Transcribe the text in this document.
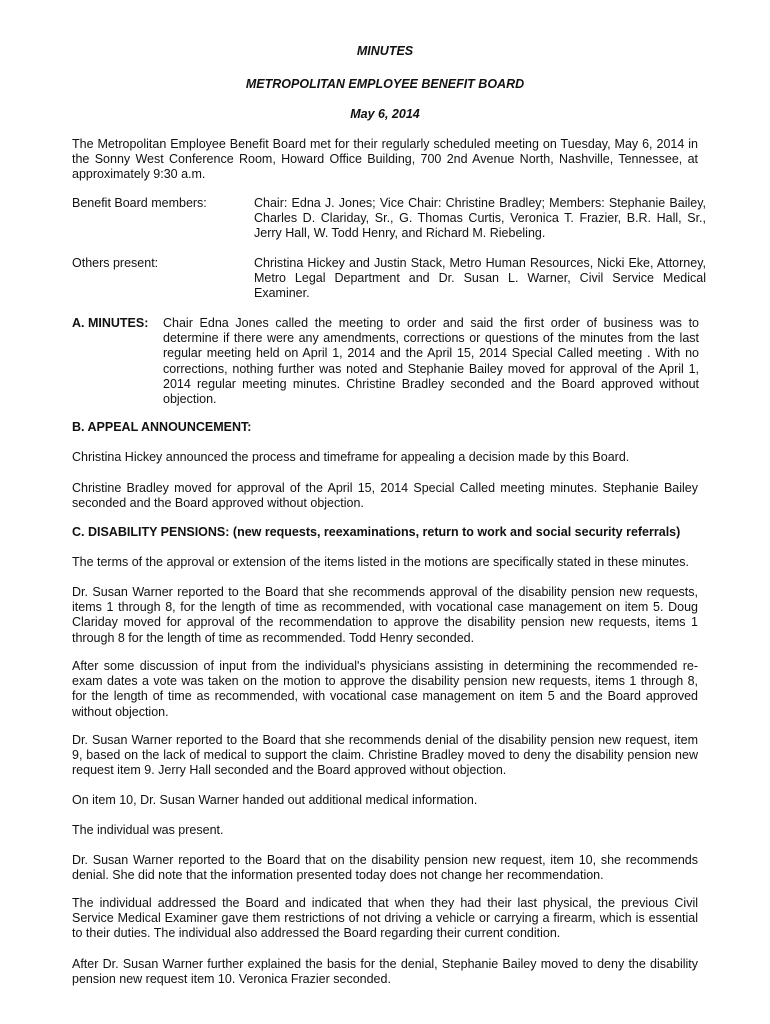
MINUTES
METROPOLITAN EMPLOYEE BENEFIT BOARD
May 6, 2014

The Metropolitan Employee Benefit Board met for their regularly scheduled meeting on Tuesday, May 6, 2014 in the Sonny West Conference Room, Howard Office Building, 700 2nd Avenue North, Nashville, Tennessee, at approximately 9:30 a.m.

Benefit Board members:	Chair: Edna J. Jones; Vice Chair: Christine Bradley; Members: Stephanie Bailey, Charles D. Clariday, Sr., G. Thomas Curtis, Veronica T. Frazier, B.R. Hall, Sr., Jerry Hall, W. Todd Henry, and Richard M. Riebeling.
Others present:	Christina Hickey and Justin Stack, Metro Human Resources, Nicki Eke, Attorney, Metro Legal Department and Dr. Susan L. Warner, Civil Service Medical Examiner.
A. MINUTES: Chair Edna Jones called the meeting to order and said the first order of business was to determine if there were any amendments, corrections or questions of the minutes from the last regular meeting held on April 1, 2014 and the April 15, 2014 Special Called meeting . With no corrections, nothing further was noted and Stephanie Bailey moved for approval of the April 1, 2014 regular meeting minutes. Christine Bradley seconded and the Board approved without objection.
B. APPEAL ANNOUNCEMENT:

Christina Hickey announced the process and timeframe for appealing a decision made by this Board.

Christine Bradley moved for approval of the April 15, 2014 Special Called meeting minutes. Stephanie Bailey seconded and the Board approved without objection.

C. DISABILITY PENSIONS: (new requests, reexaminations, return to work and social security referrals)

The terms of the approval or extension of the items listed in the motions are specifically stated in these minutes.

Dr. Susan Warner reported to the Board that she recommends approval of the disability pension new requests, items 1 through 8, for the length of time as recommended, with vocational case management on item 5. Doug Clariday moved for approval of the recommendation to approve the disability pension new requests, items 1 through 8 for the length of time as recommended. Todd Henry seconded.

After some discussion of input from the individual's physicians assisting in determining the recommended re-exam dates a vote was taken on the motion to approve the disability pension new requests, items 1 through 8, for the length of time as recommended, with vocational case management on item 5 and the Board approved without objection.

Dr. Susan Warner reported to the Board that she recommends denial of the disability pension new request, item 9, based on the lack of medical to support the claim. Christine Bradley moved to deny the disability pension new request item 9. Jerry Hall seconded and the Board approved without objection.

On item 10, Dr. Susan Warner handed out additional medical information.

The individual was present.

Dr. Susan Warner reported to the Board that on the disability pension new request, item 10, she recommends denial. She did note that the information presented today does not change her recommendation.

The individual addressed the Board and indicated that when they had their last physical, the previous Civil Service Medical Examiner gave them restrictions of not driving a vehicle or carrying a firearm, which is essential to their duties. The individual also addressed the Board regarding their current condition.

After Dr. Susan Warner further explained the basis for the denial, Stephanie Bailey moved to deny the disability pension new request item 10. Veronica Frazier seconded.
